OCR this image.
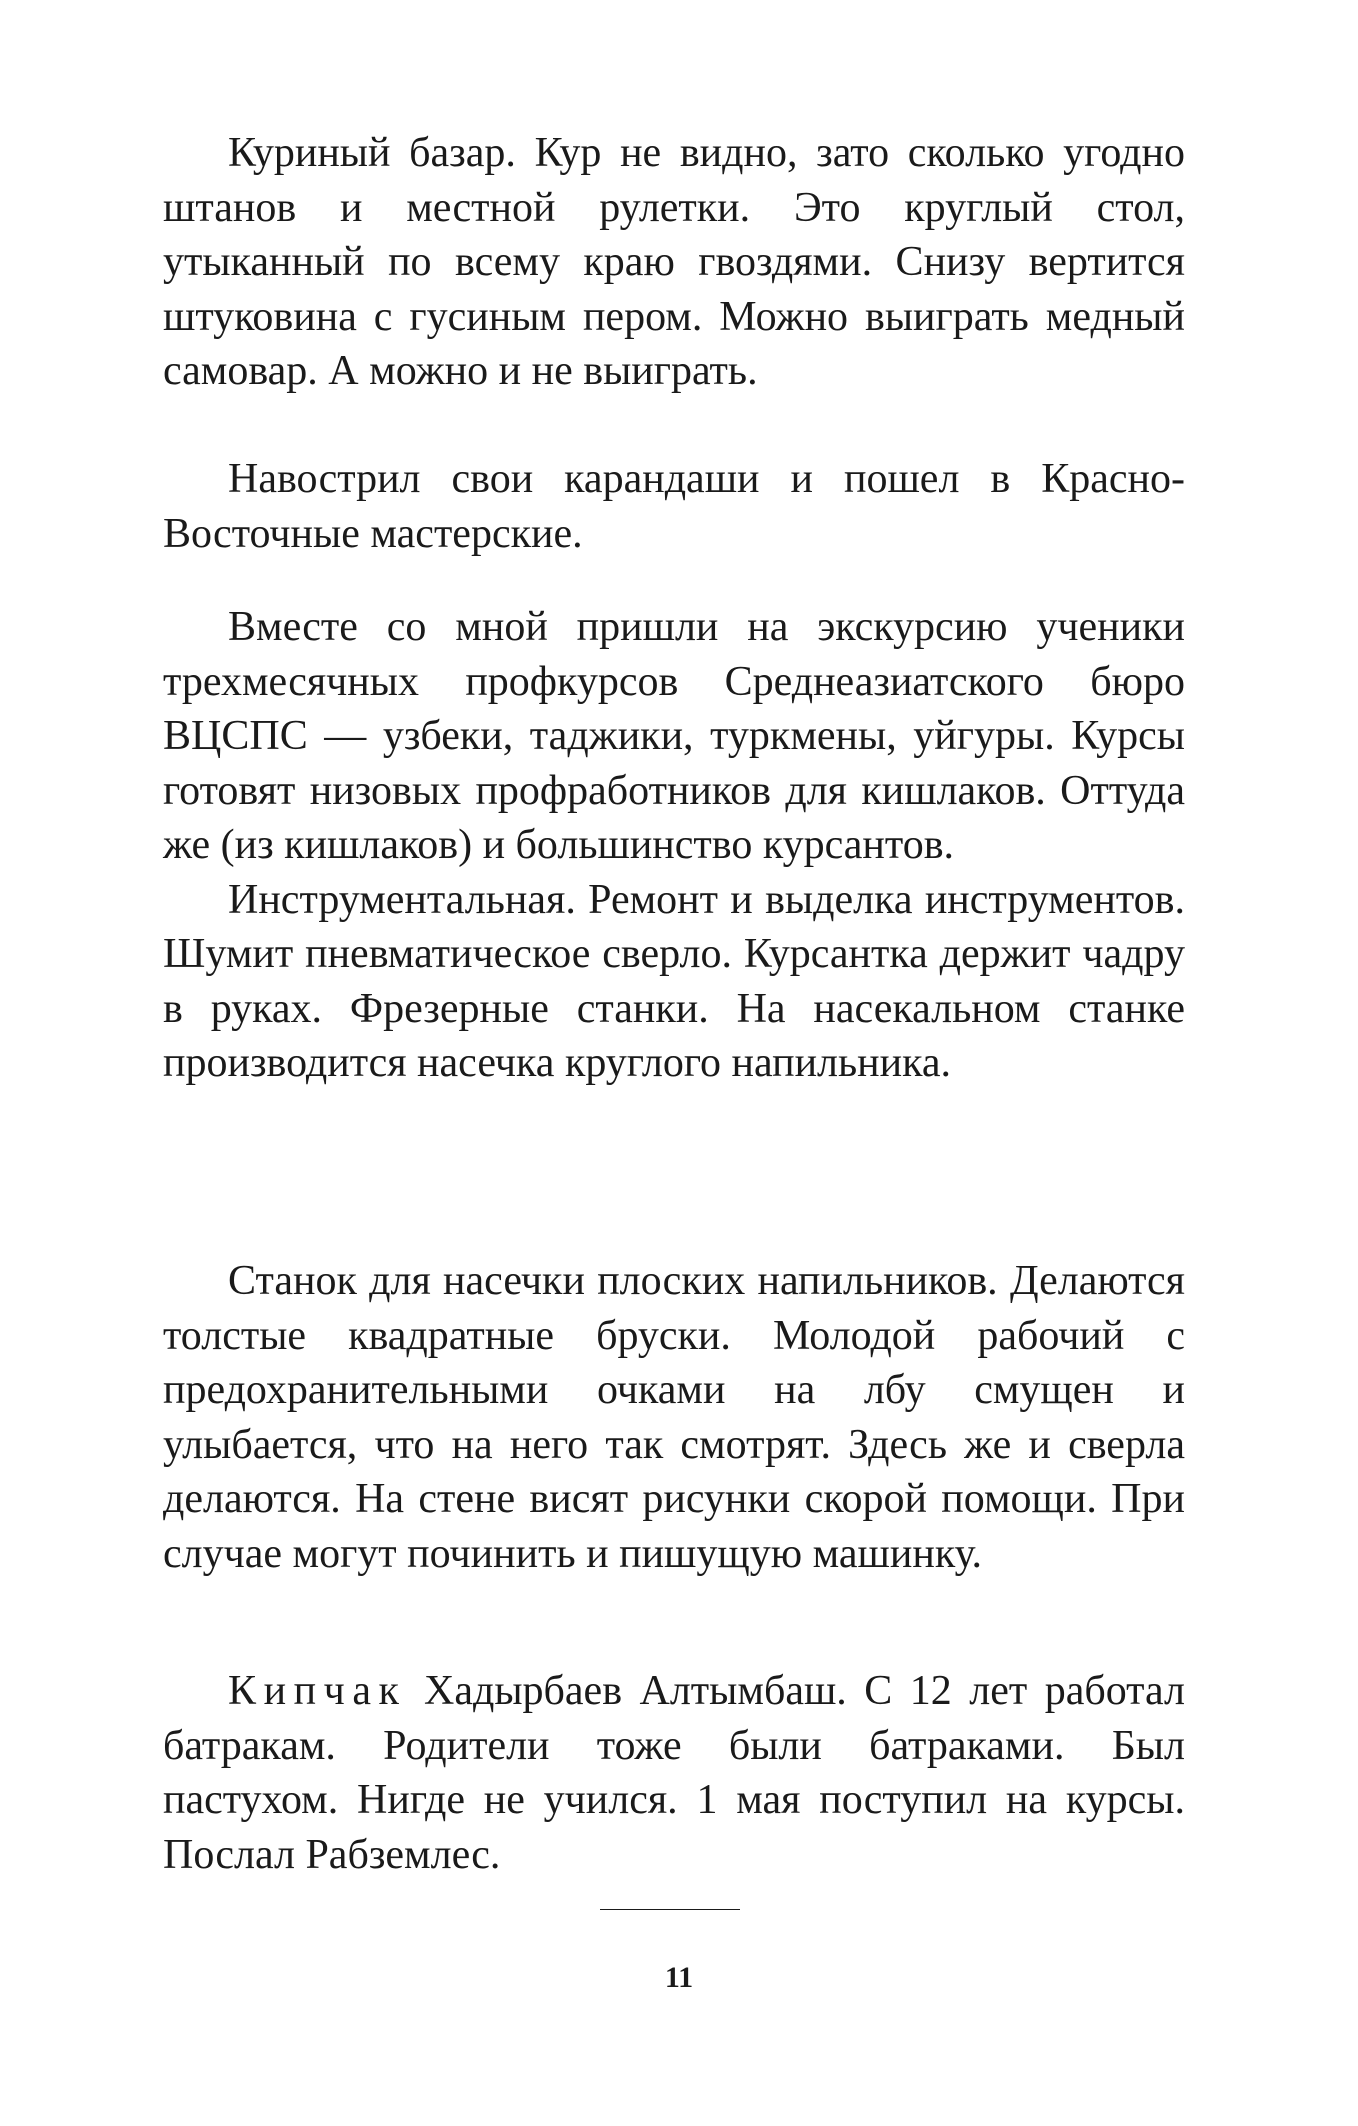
Куриный базар. Кур не видно, зато сколько угодно штанов и местной рулетки. Это круглый стол, утыканный по всему краю гвоздями. Снизу вертится штуковина с гусиным пером. Можно выиграть медный самовар. А можно и не выиграть.

Навострил свои карандаши и пошел в Красно-Восточные мастерские.

Вместе со мной пришли на экскурсию ученики трехмесячных профкурсов Среднеазиатского бюро ВЦСПС — узбеки, таджики, туркмены, уйгуры. Курсы готовят низовых профработников для кишлаков. Оттуда же (из кишлаков) и большинство курсантов.

Инструментальная. Ремонт и выделка инструментов. Шумит пневматическое сверло. Курсантка держит чадру в руках. Фрезерные станки. На насекальном станке производится насечка круглого напильника.

Станок для насечки плоских напильников. Делаются толстые квадратные бруски. Молодой рабочий с предохранительными очками на лбу смущен и улыбается, что на него так смотрят. Здесь же и сверла делаются. На стене висят рисунки скорой помощи. При случае могут починить и пишущую машинку.

Кипчак Хадырбаев Алтымбаш. С 12 лет работал батракам. Родители тоже были батраками. Был пастухом. Нигде не учился. 1 мая поступил на курсы. Послал Рабземлес.

11
